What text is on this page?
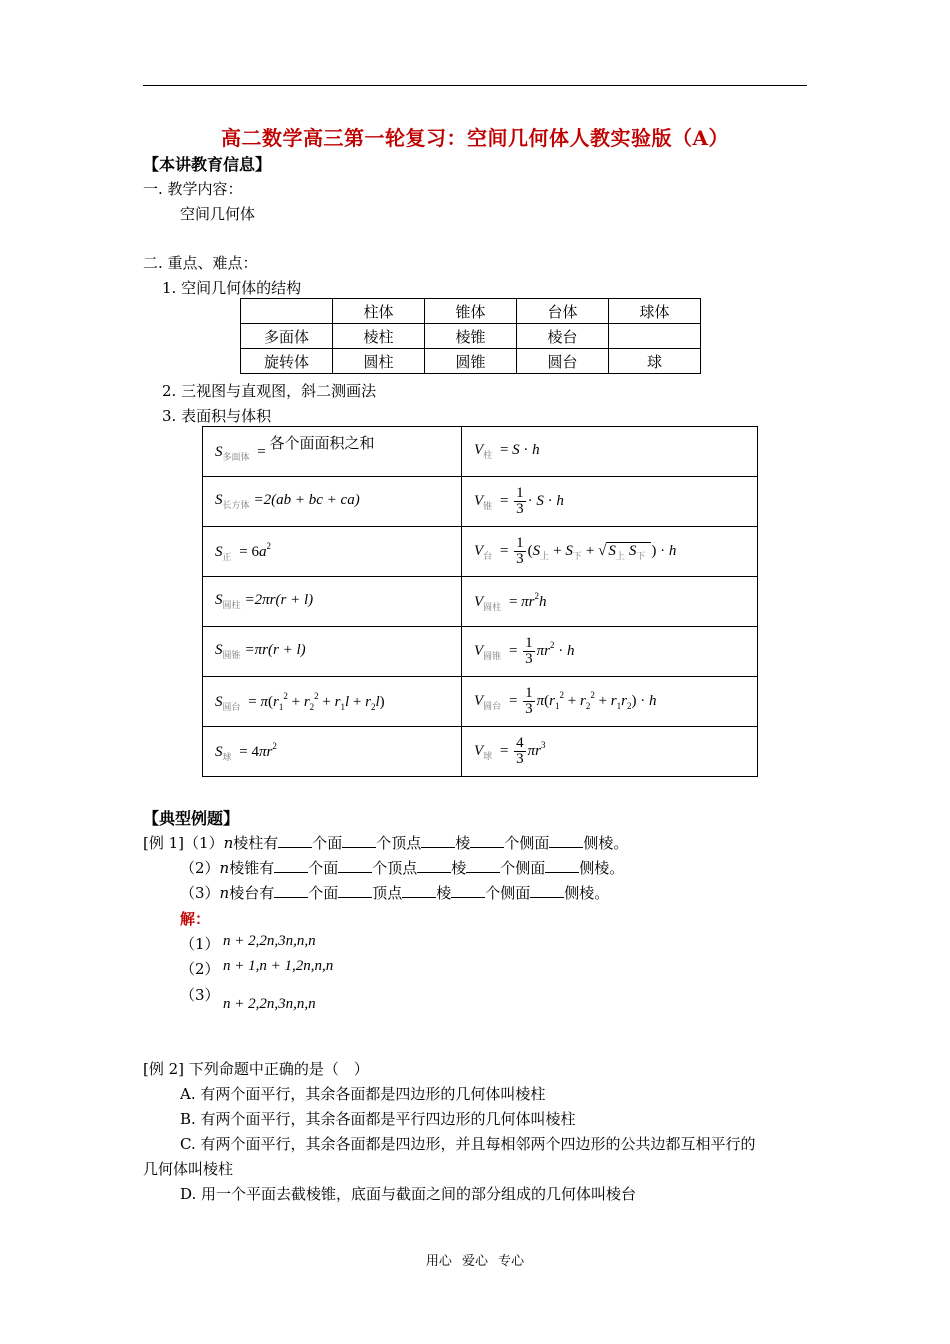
高二数学高三第一轮复习：空间几何体人教实验版（A）
【本讲教育信息】
一. 教学内容：
空间几何体
二. 重点、难点：
1. 空间几何体的结构
	柱体	锥体	台体	球体
多面体	棱柱	棱锥	棱台	
旋转体	圆柱	圆锥	圆台	球
2. 三视图与直观图，斜二测画法
3. 表面积与体积
$S_{多面体}$ = 各个面面积之和	$V_柱 = S \cdot h$
$S_{长方体} =2(ab$ + bc + ca)	$V_锥 = \frac{1}{3} \cdot S \cdot h$
$S_正 = 6a^2$	$V_台 = \frac{1}{3} (S_上 + S_下$ + √ $S_上$ $S_下$ ) · h
$S_{圆柱} =2\pi r(r + l)$	$V_{圆柱} = \pi r^2h$
$S_{圆锥} =\pi r(r + l)$	$V_{圆锥} = \frac{1}{3} \pi r^2 \cdot h$
$S_{圆台} = \pi(r_1^2 + r_2^2 + r_1l + r_2l)$	$V_{圆台} = \frac{1}{3} \pi(r_1^2 + r_2^2 + r_1r_2) \cdot h$
$S_球 = 4\pi r^2$	$V_球 = \frac{4}{3} \pi r^3$
【典型例题】
[例 1]（1）n棱柱有 个面 个顶点 棱 个侧面 侧棱。
（2）n棱锥有 个面 个顶点 棱 个侧面 侧棱。
（3）n棱台有 个面 顶点 棱 个侧面 侧棱。
解：
（1） n + 2,2n,3n,n,n
（2） n + 1,n + 1,2n,n,n
（3） n + 2,2n,3n,n,n
[例 2] 下列命题中正确的是（　）
A. 有两个面平行，其余各面都是四边形的几何体叫棱柱
B. 有两个面平行，其余各面都是平行四边形的几何体叫棱柱
C. 有两个面平行，其余各面都是四边形，并且每相邻两个四边形的公共边都互相平行的
几何体叫棱柱
D. 用一个平面去截棱锥，底面与截面之间的部分组成的几何体叫棱台
用心 爱心 专心
